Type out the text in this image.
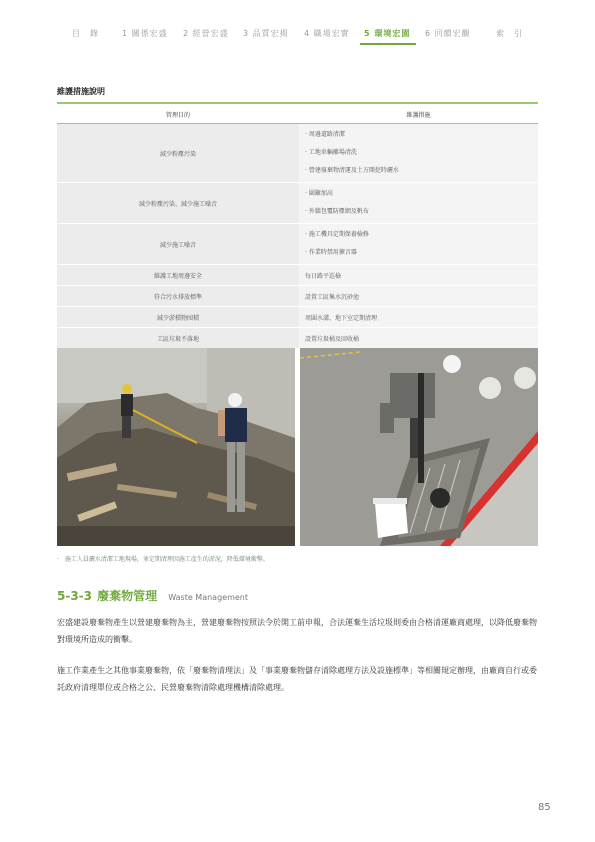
目　錄	1 關係宏盛 2 經營宏盛 3 品質宏揚 4 職場宏實 5 環境宏園 6 回饋宏觀	索　引
維護措施說明
管理目的	維護措施
減少粉塵污染	· 周邊道路清潔
· 工地車輛離場清洗
· 營建廢棄物清運及土方開挖時灑水

減少粉塵污染、減少施工噪音	· 圍籬加高
· 外牆包覆防塵網及帆布

減少施工噪音	· 施工機具定期保養檢修
· 作業時禁用擴音器

維護工地周邊安全	每日路平巡檢
符合污水排放標準	設置工區集水沉砂池
減少淤積物囤積	周圍水溝、地下室定期清理
工區垃圾不落地	設置垃圾桶及回收桶
·　施工人員灑水清潔工地現場，並定期清理因施工產生的淤泥，降低環境衝擊。
5-3-3 廢棄物管理 Waste Management
宏盛建設廢棄物產生以營建廢棄物為主，營建廢棄物按照法令於開工前申報，合法運棄生活垃圾則委由合格清運廠商處理，以降低廢棄物對環境所造成的衝擊。
施工作業產生之其他事業廢棄物，依「廢棄物清理法」及「事業廢棄物儲存清除處理方法及設施標準」等相關規定辦理，由廠商自行或委託政府清理單位或合格之公、民營廢棄物清除處理機構清除處理。
85
